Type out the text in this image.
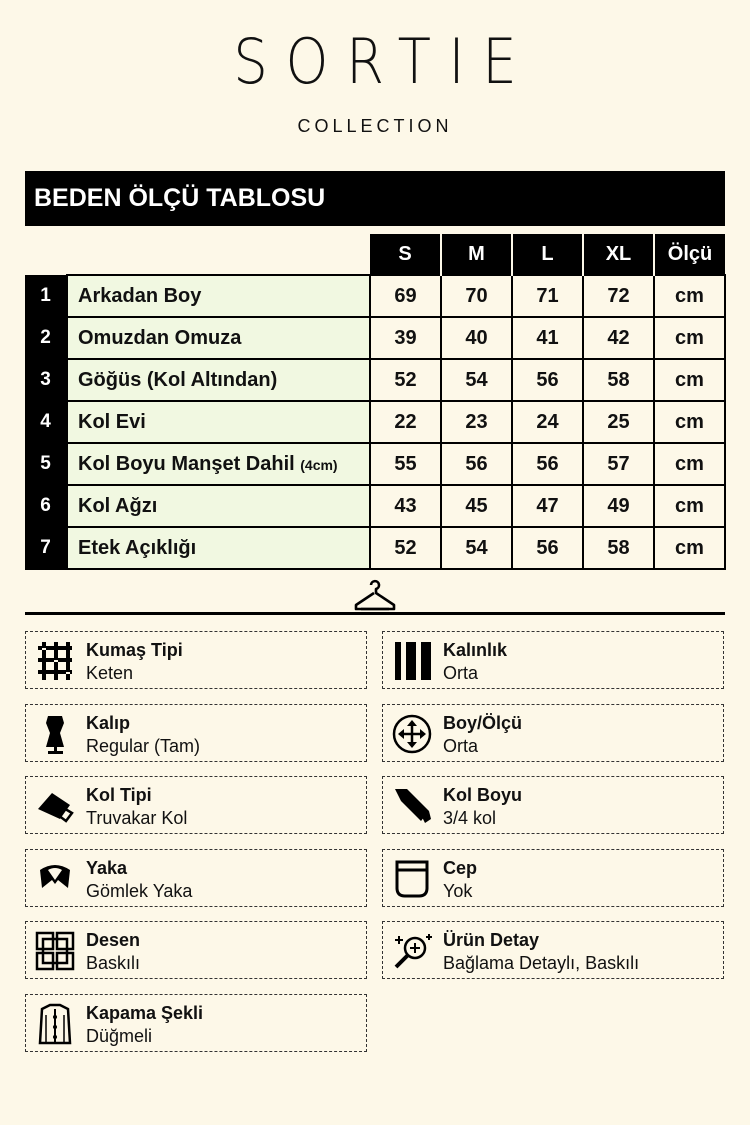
SORTIE
COLLECTION
BEDEN ÖLÇÜ TABLOSU
		S	M	L	XL	Ölçü
1	Arkadan Boy	69	70	71	72	cm
2	Omuzdan Omuza	39	40	41	42	cm
3	Göğüs (Kol Altından)	52	54	56	58	cm
4	Kol Evi	22	23	24	25	cm
5	Kol Boyu Manşet Dahil (4cm)	55	56	56	57	cm
6	Kol Ağzı	43	45	47	49	cm
7	Etek Açıklığı	52	54	56	58	cm
Kumaş Tipi
Keten
Kalınlık
Orta
Kalıp
Regular (Tam)
Boy/Ölçü
Orta
Kol Tipi
Truvakar Kol
Kol Boyu
3/4 kol
Yaka
Gömlek Yaka
Cep
Yok
Desen
Baskılı
Ürün Detay
Bağlama Detaylı, Baskılı
Kapama Şekli
Düğmeli
